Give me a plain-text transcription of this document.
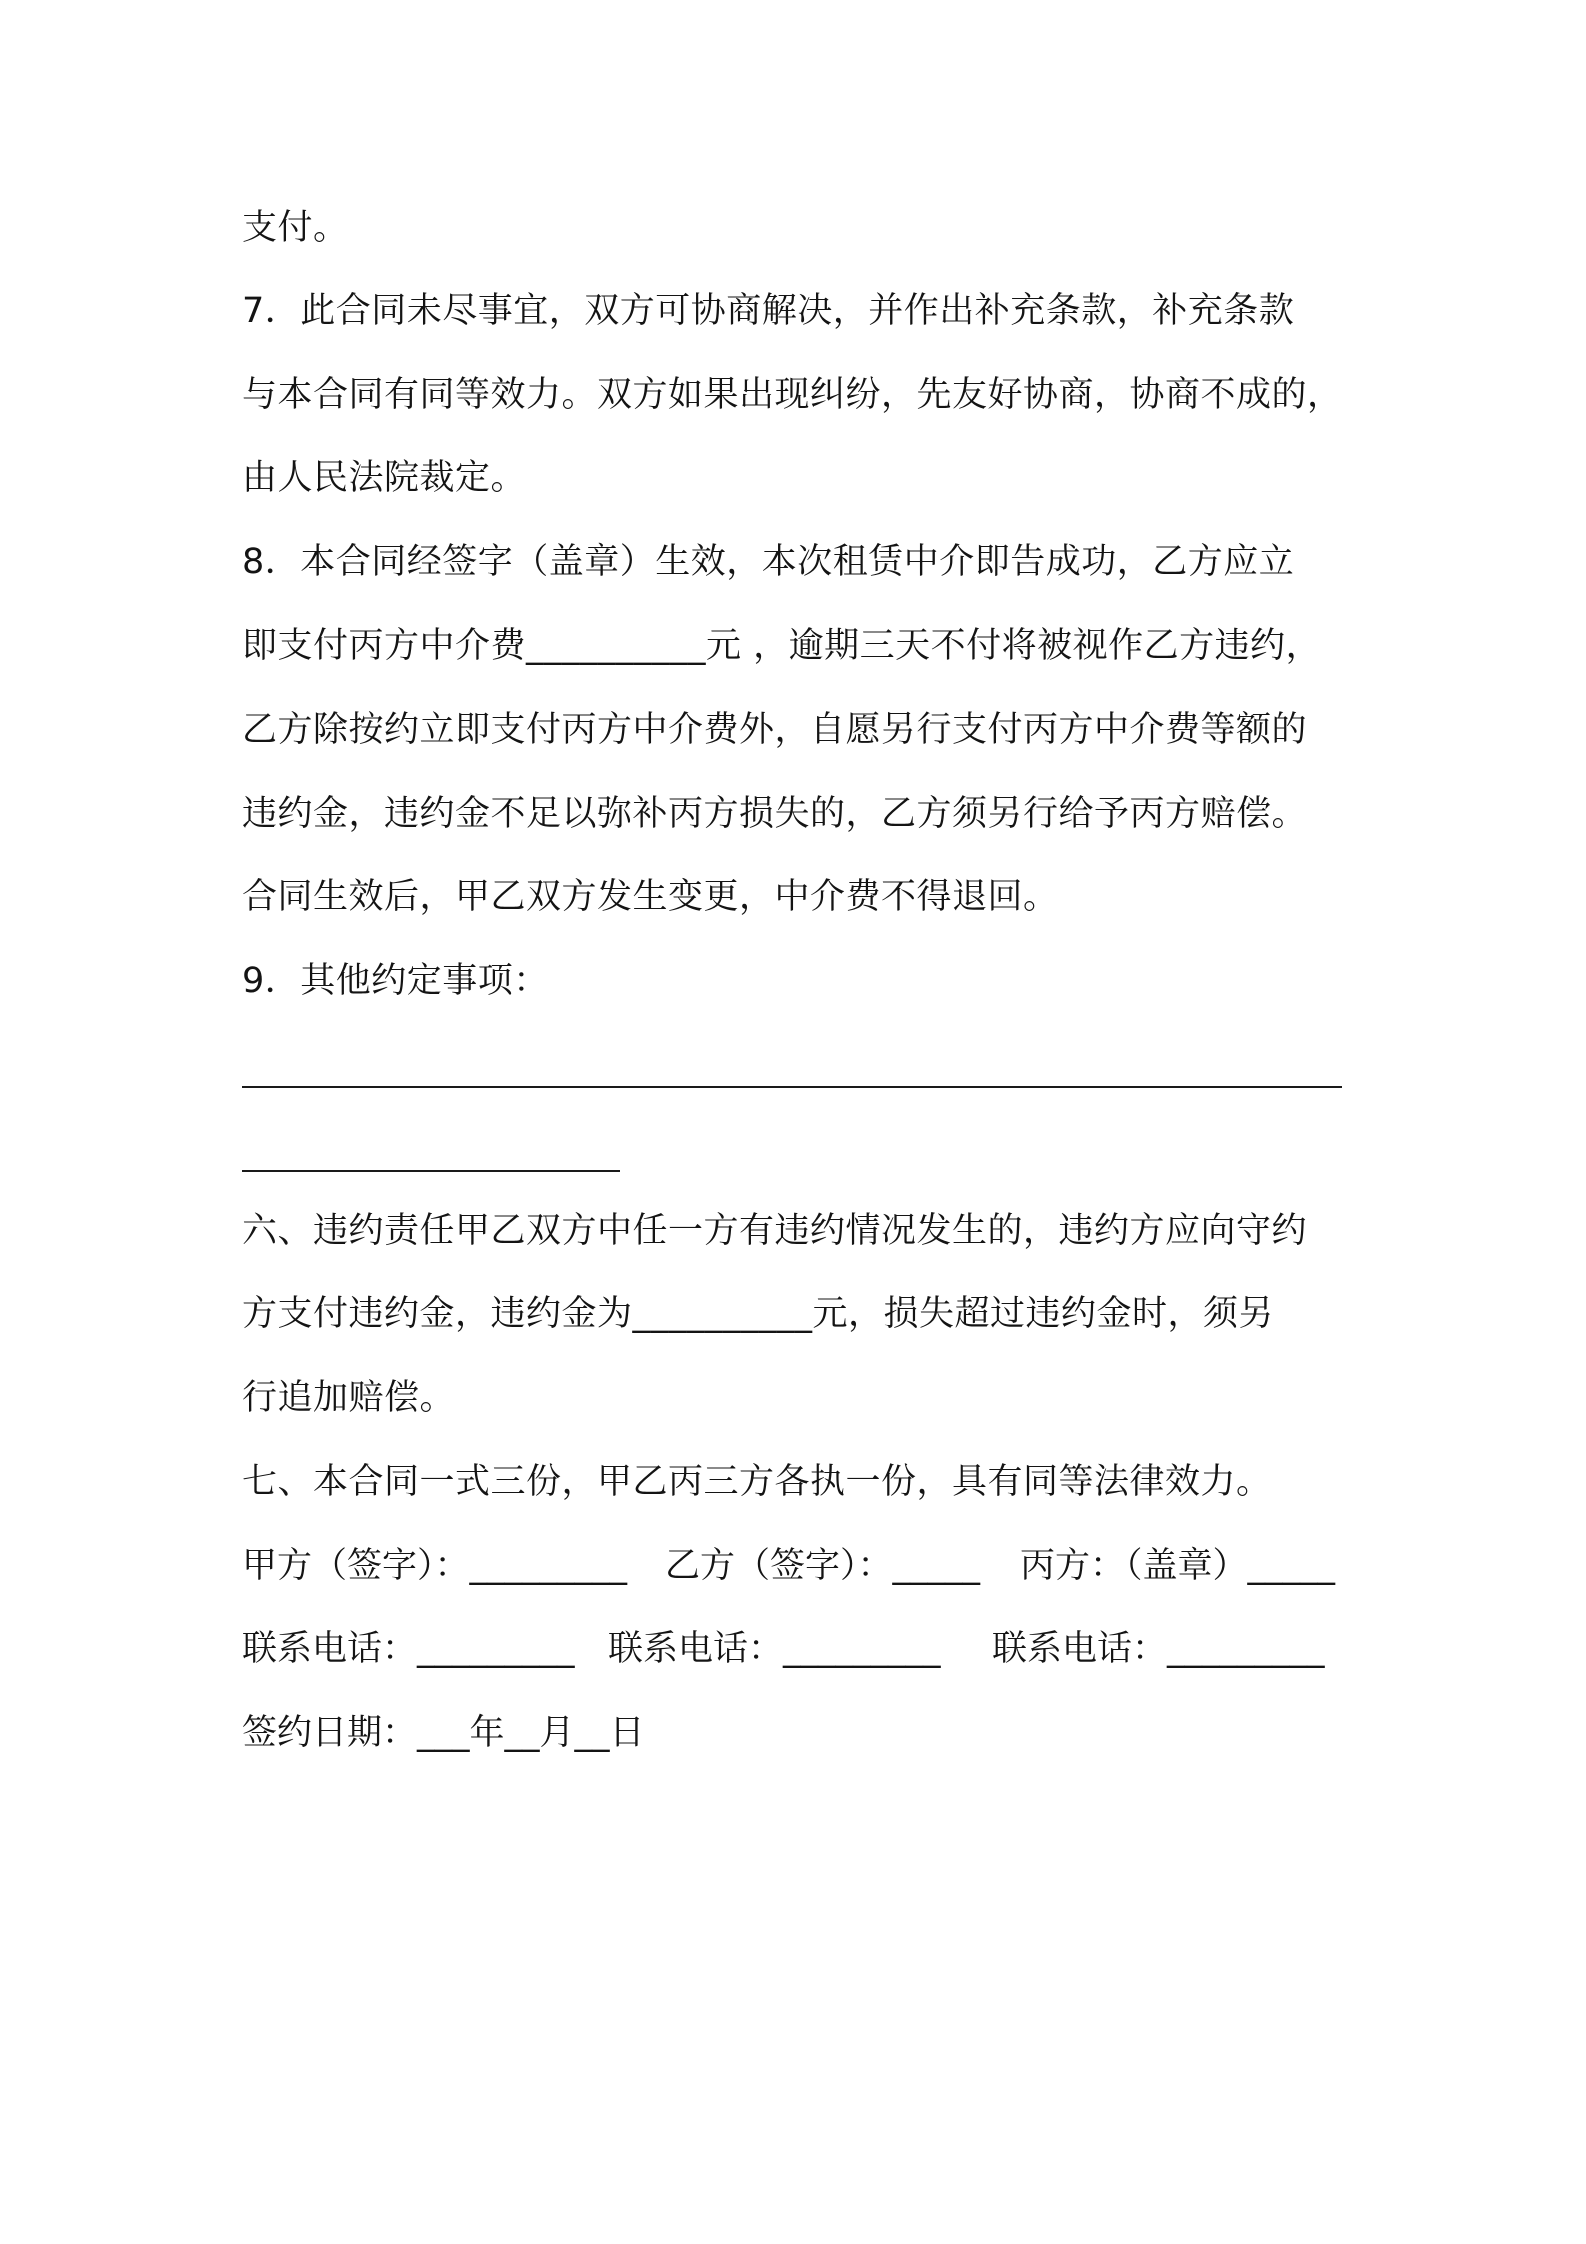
支付。
7．此合同未尽事宜，双方可协商解决，并作出补充条款，补充条款
与本合同有同等效力。双方如果出现纠纷，先友好协商，协商不成的，
由人民法院裁定。
8．本合同经签字（盖章）生效，本次租赁中介即告成功，乙方应立
即支付丙方中介费__________元 ，逾期三天不付将被视作乙方违约，
乙方除按约立即支付丙方中介费外，自愿另行支付丙方中介费等额的
违约金，违约金不足以弥补丙方损失的，乙方须另行给予丙方赔偿。
合同生效后，甲乙双方发生变更，中介费不得退回。
9．其他约定事项：
六、违约责任甲乙双方中任一方有违约情况发生的，违约方应向守约
方支付违约金，违约金为__________元，损失超过违约金时，须另
行追加赔偿。
七、本合同一式三份，甲乙丙三方各执一份，具有同等法律效力。
甲方（签字）：_________ 乙方（签字）：_____ 丙方：（盖章）_____
联系电话：_________ 联系电话：_________ 联系电话：_________
签约日期：___年__月__日
